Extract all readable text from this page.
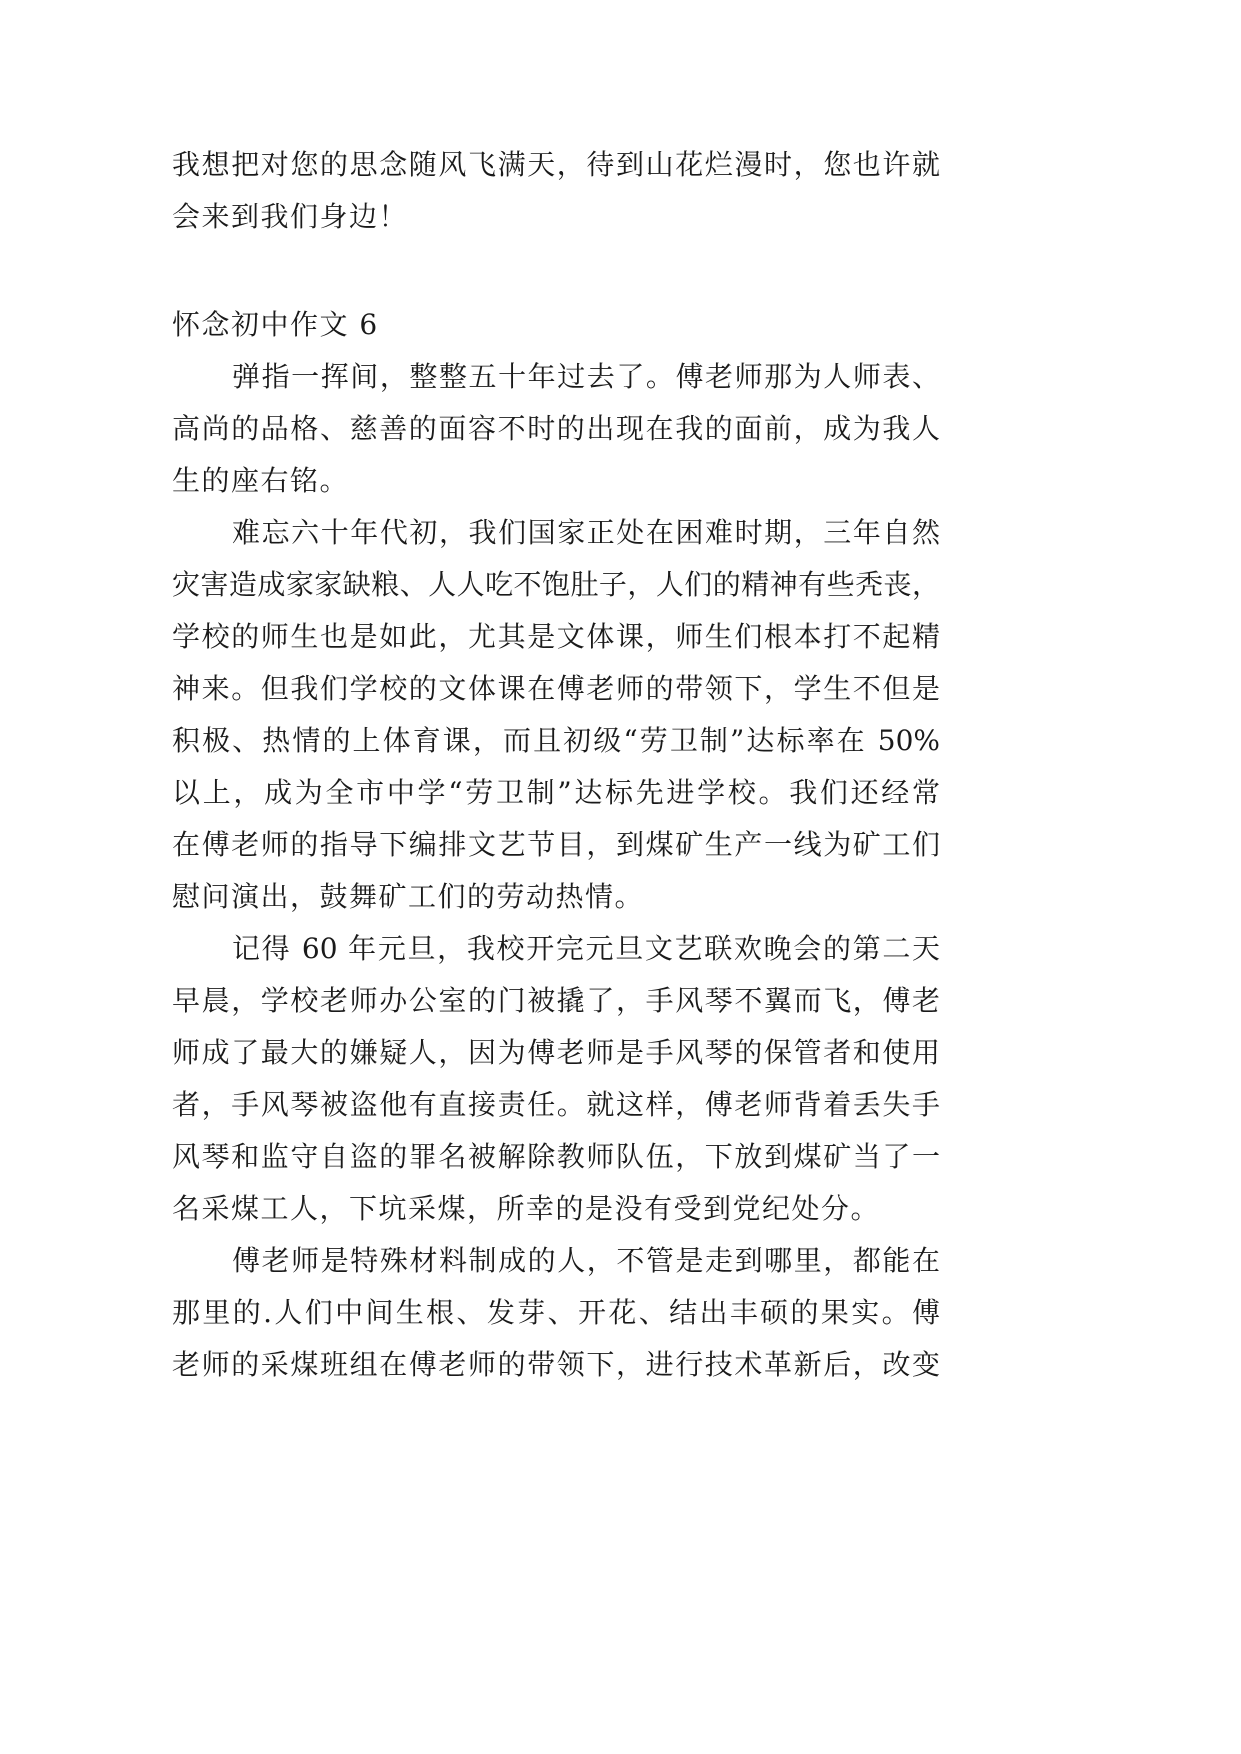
我想把对您的思念随风飞满天，待到山花烂漫时，您也许就
会来到我们身边！
怀念初中作文 6
弹指一挥间，整整五十年过去了。傅老师那为人师表、
高尚的品格、慈善的面容不时的出现在我的面前，成为我人
生的座右铭。
难忘六十年代初，我们国家正处在困难时期，三年自然
灾害造成家家缺粮、人人吃不饱肚子，人们的精神有些秃丧，
学校的师生也是如此，尤其是文体课，师生们根本打不起精
神来。但我们学校的文体课在傅老师的带领下，学生不但是
积极、热情的上体育课，而且初级“劳卫制”达标率在 50%
以上，成为全市中学“劳卫制”达标先进学校。我们还经常
在傅老师的指导下编排文艺节目，到煤矿生产一线为矿工们
慰问演出，鼓舞矿工们的劳动热情。
记得 60 年元旦，我校开完元旦文艺联欢晚会的第二天
早晨，学校老师办公室的门被撬了，手风琴不翼而飞，傅老
师成了最大的嫌疑人，因为傅老师是手风琴的保管者和使用
者，手风琴被盗他有直接责任。就这样，傅老师背着丢失手
风琴和监守自盗的罪名被解除教师队伍，下放到煤矿当了一
名采煤工人，下坑采煤，所幸的是没有受到党纪处分。
傅老师是特殊材料制成的人，不管是走到哪里，都能在
那里的.人们中间生根、发芽、开花、结出丰硕的果实。傅
老师的采煤班组在傅老师的带领下，进行技术革新后，改变
